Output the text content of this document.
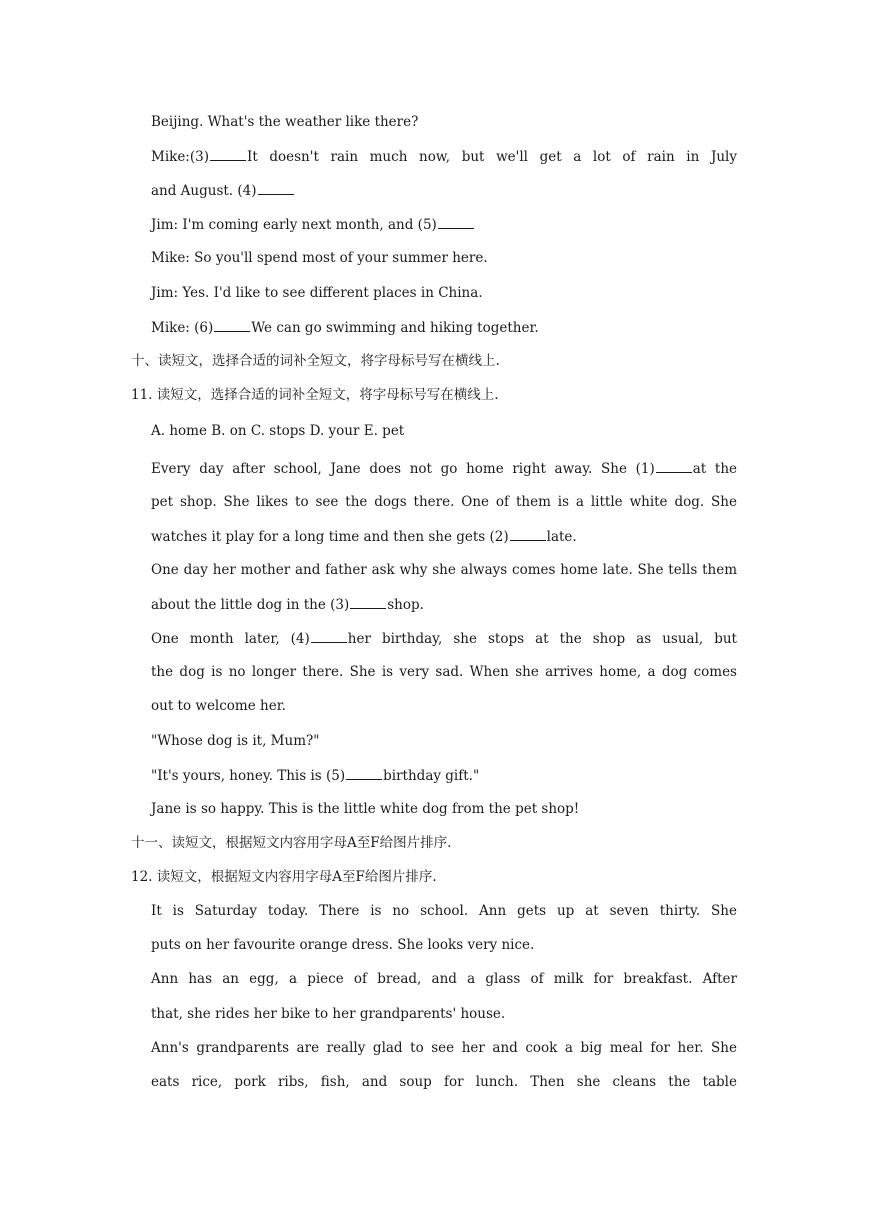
Beijing. What's the weather like there?
Mike:(3)	It doesn't rain much now, but we'll get a lot of rain in July
and August. (4)
Jim: I'm coming early next month, and (5)
Mike: So you'll spend most of your summer here.
Jim: Yes. I'd like to see different places in China.
Mike: (6)	We can go swimming and hiking together.
十、读短文，选择合适的词补全短文，将字母标号写在横线上.
11. 读短文，选择合适的词补全短文，将字母标号写在横线上.
A. home B. on C. stops D. your E. pet
Every day after school, Jane does not go home right away. She (1)	at the
pet shop. She likes to see the dogs there. One of them is a little white dog. She
watches it play for a long time and then she gets (2)	late.
One day her mother and father ask why she always comes home late. She tells them
about the little dog in the (3)	shop.
One month later, (4)	her birthday, she stops at the shop as usual, but
the dog is no longer there. She is very sad. When she arrives home, a dog comes
out to welcome her.
"Whose dog is it, Mum?"
"It's yours, honey. This is (5)	birthday gift."
Jane is so happy. This is the little white dog from the pet shop!
十一、读短文，根据短文内容用字母A至F给图片排序.
12. 读短文，根据短文内容用字母A至F给图片排序.
It is Saturday today. There is no school. Ann gets up at seven thirty. She
puts on her favourite orange dress. She looks very nice.
Ann has an egg, a piece of bread, and a glass of milk for breakfast. After
that, she rides her bike to her grandparents' house.
Ann's grandparents are really glad to see her and cook a big meal for her. She
eats rice, pork ribs, fish, and soup for lunch. Then she cleans the table
